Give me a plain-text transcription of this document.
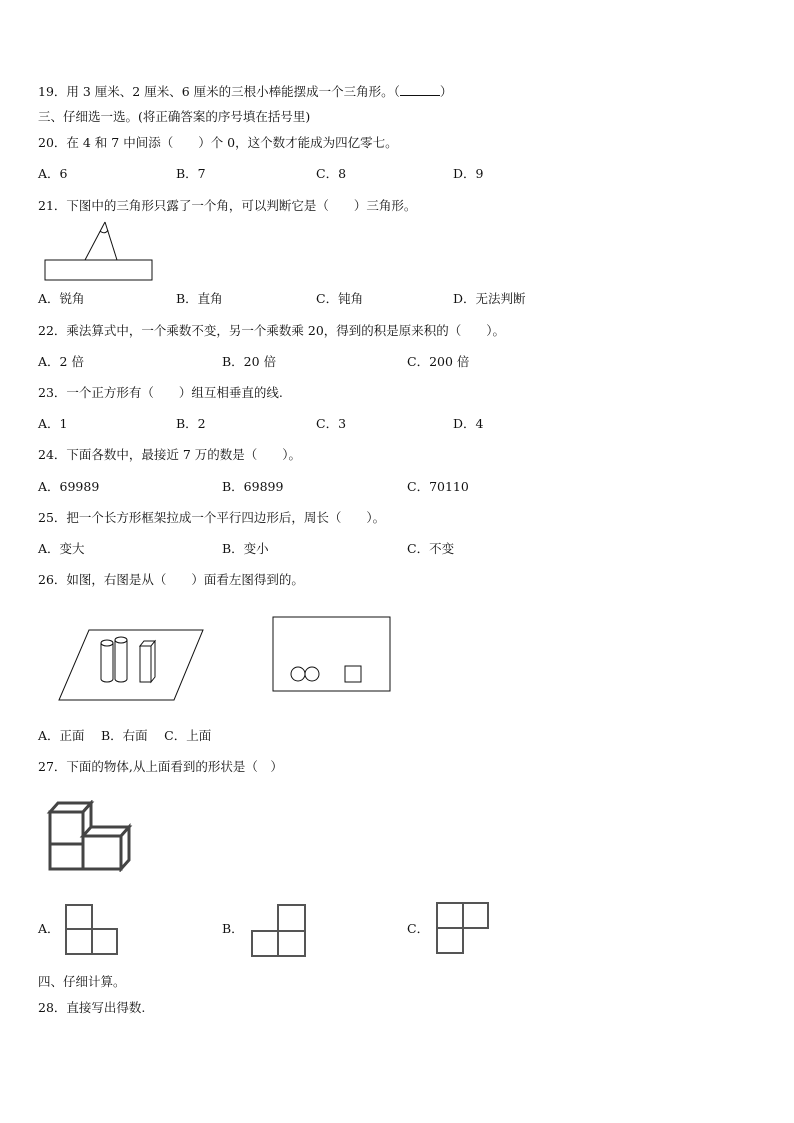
19．用 3 厘米、2 厘米、6 厘米的三根小棒能摆成一个三角形。（	）
三、仔细选一选。(将正确答案的序号填在括号里)
20．在 4 和 7 中间添（　　）个 0，这个数才能成为四亿零七。
A．6	B．7	C．8	D．9
21．下图中的三角形只露了一个角，可以判断它是（　　）三角形。
A．锐角	B．直角	C．钝角	D．无法判断
22．乘法算式中，一个乘数不变，另一个乘数乘 20，得到的积是原来积的（　　）。
A．2 倍	B．20 倍	C．200 倍
23．一个正方形有（　　）组互相垂直的线.
A．1	B．2	C．3	D．4
24．下面各数中，最接近 7 万的数是（　　）。
A．69989	B．69899	C．70110
25．把一个长方形框架拉成一个平行四边形后，周长（　　）。
A．变大	B．变小	C．不变
26．如图，右图是从（　　）面看左图得到的。
A．正面　 B．右面　 C．上面
27．下面的物体,从上面看到的形状是（　）
A．	B．	C．
四、仔细计算。
28．直接写出得数.
